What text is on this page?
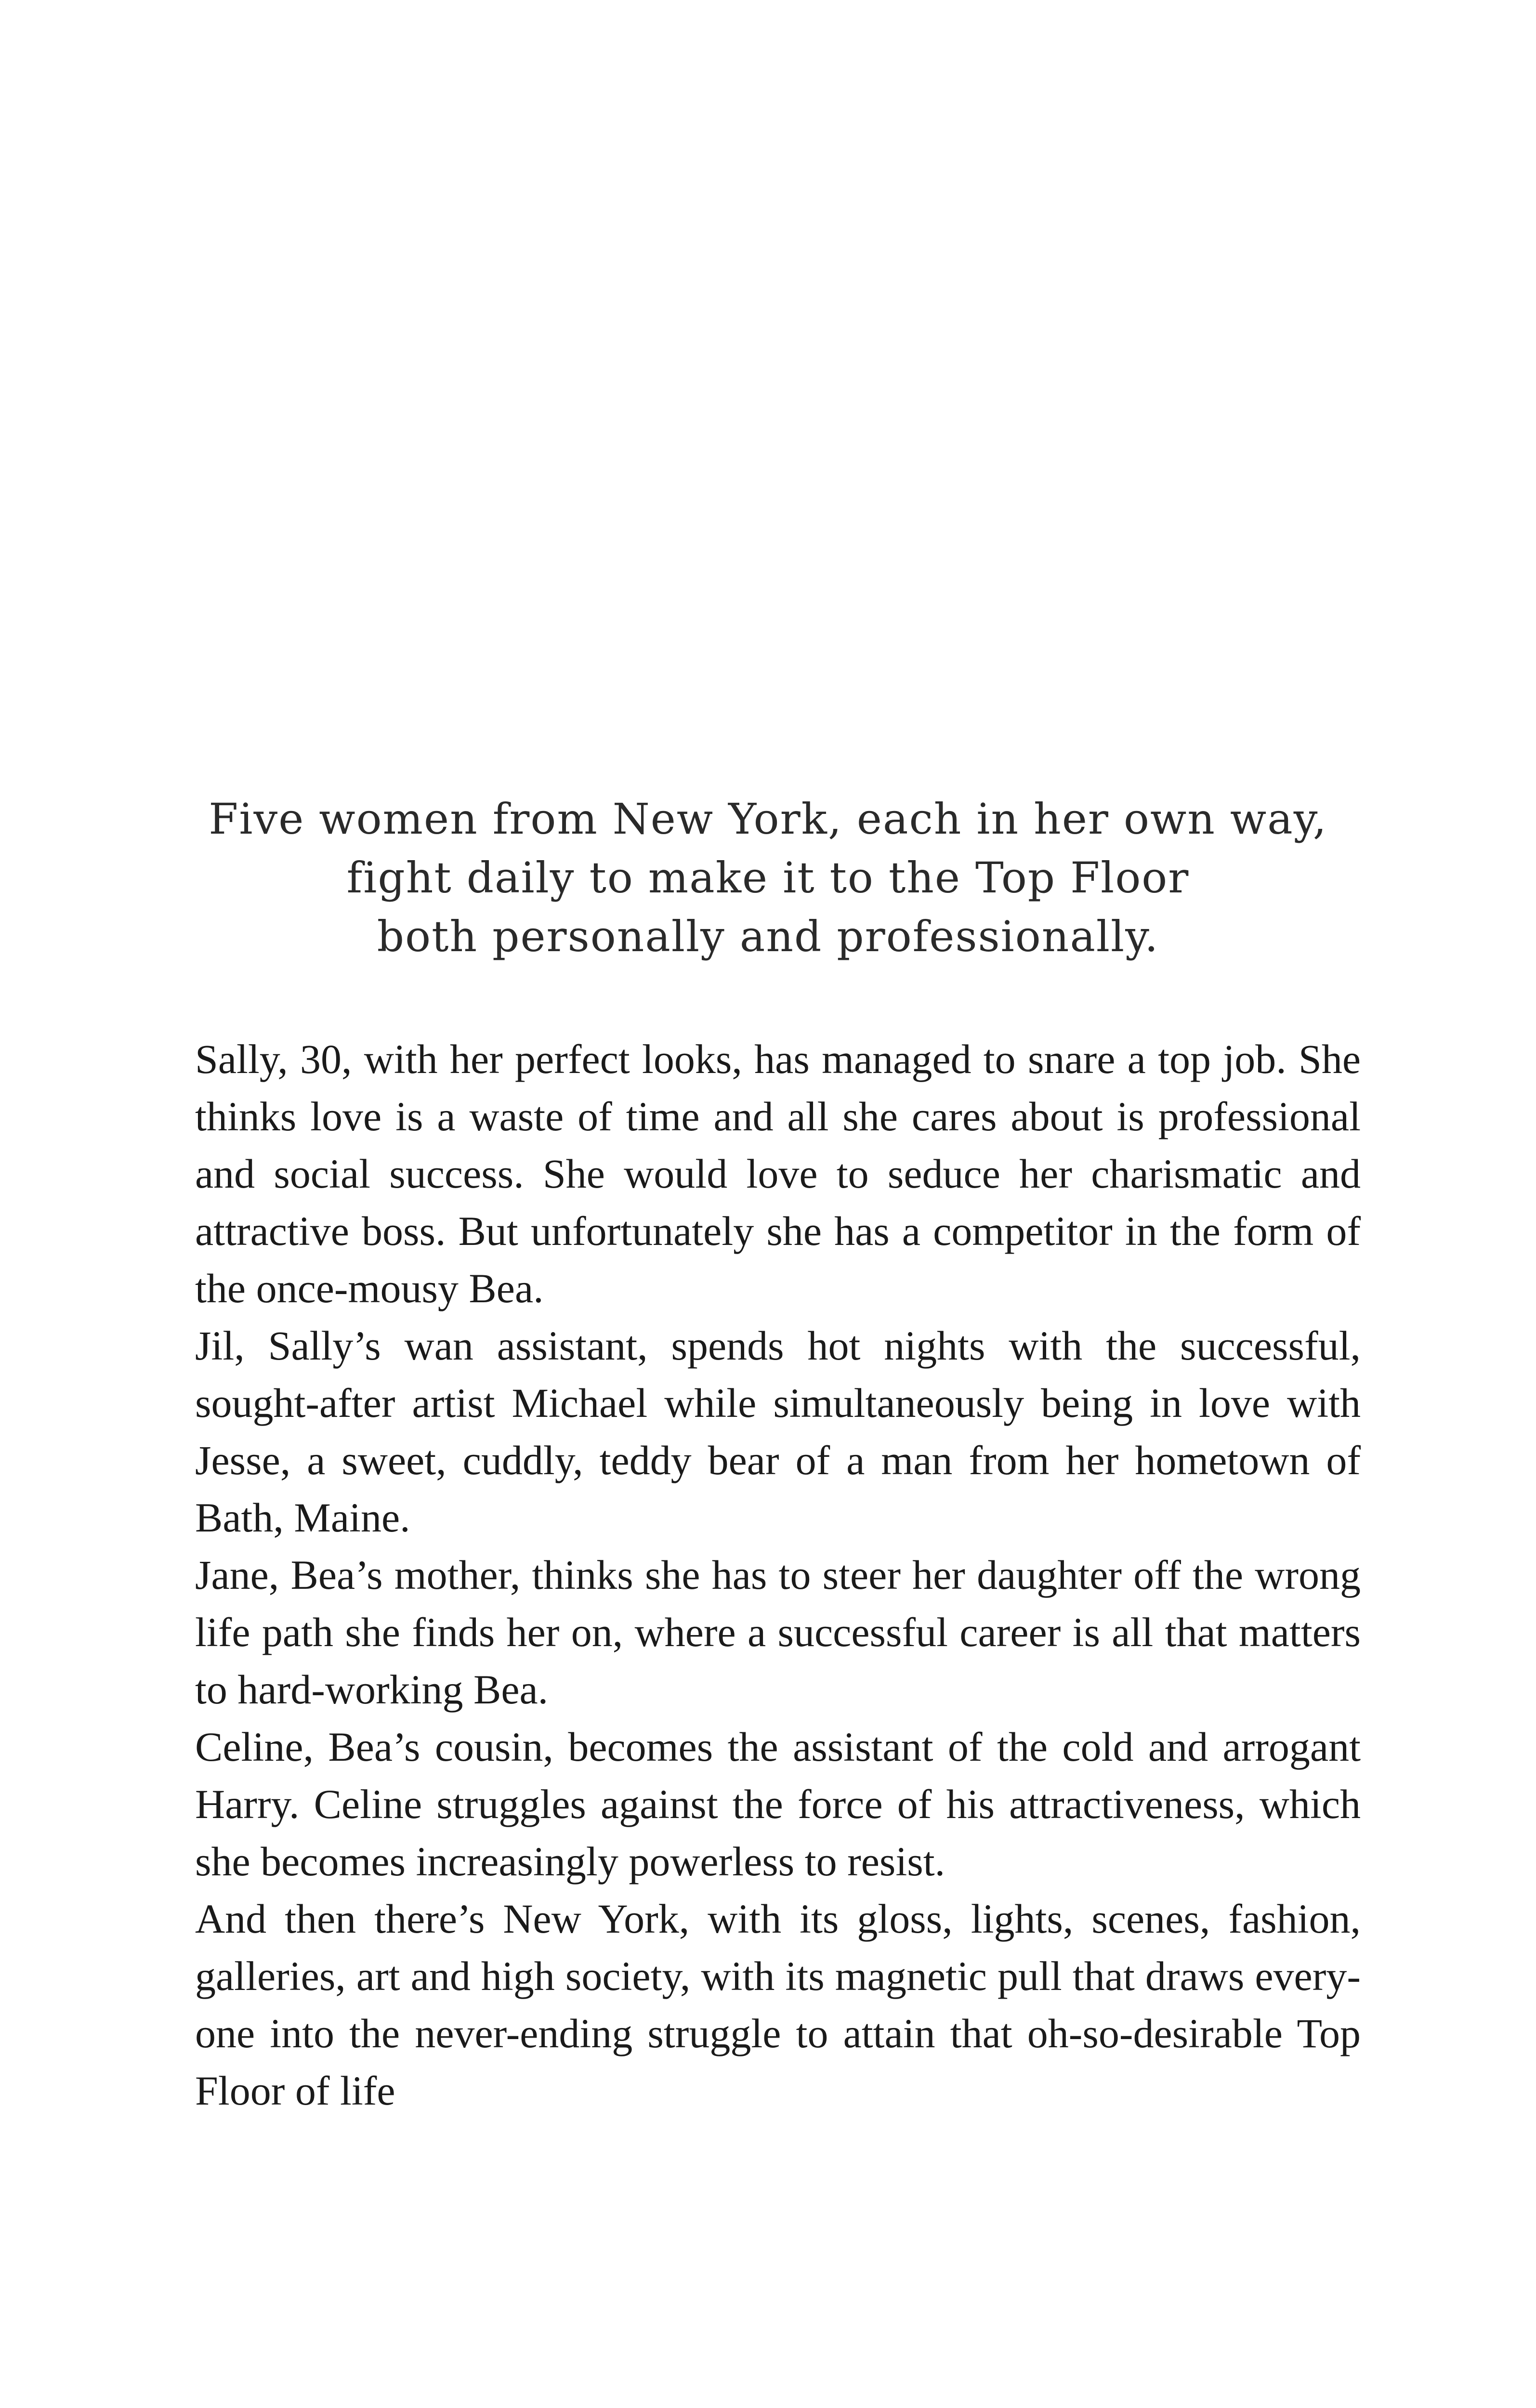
Five women from New York, each in her own way,
fight daily to make it to the Top Floor
both personally and professionally.

Sally, 30, with her perfect looks, has managed to snare a top job. She thinks love is a waste of time and all she cares about is professional and social success. She would love to seduce her charismatic and attractive boss. But unfortunately she has a competitor in the form of the once-mousy Bea.

Jil, Sally’s wan assistant, spends hot nights with the successful, sought-after artist Michael while simultaneously being in love with Jesse, a sweet, cuddly, teddy bear of a man from her hometown of Bath, Maine.

Jane, Bea’s mother, thinks she has to steer her daughter off the wrong life path she finds her on, where a successful career is all that matters to hard-working Bea.

Celine, Bea’s cousin, becomes the assistant of the cold and arrogant Harry. Celine struggles against the force of his attractiveness, which she becomes increasingly powerless to resist.

And then there’s New York, with its gloss, lights, scenes, fashion, galleries, art and high society, with its magnetic pull that draws everyone into the never-ending struggle to attain that oh-so-desirable Top Floor of life
